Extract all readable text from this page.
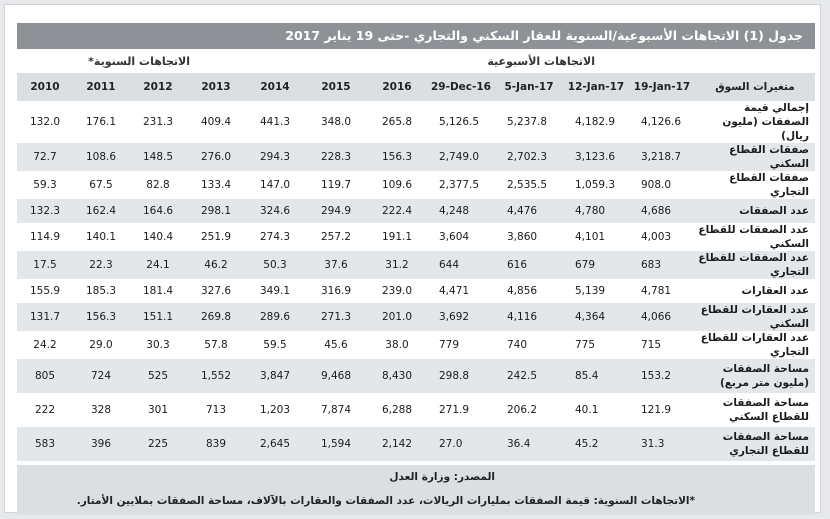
جدول (1) الاتجاهات الأسبوعية/السنوية للعقار السكني والتجاري -حتى 19 يناير 2017
الاتجاهات السنوية*	الاتجاهات الأسبوعية
2010	2011	2012	2013	2014	2015	2016	29-Dec-16	5-Jan-17	12-Jan-17	19-Jan-17	متغيرات السوق
132.0	176.1	231.3	409.4	441.3	348.0	265.8	5,126.5	5,237.8	4,182.9	4,126.6	إجمالي قيمة الصفقات (مليون ريال)
72.7	108.6	148.5	276.0	294.3	228.3	156.3	2,749.0	2,702.3	3,123.6	3,218.7	صفقات القطاع السكني
59.3	67.5	82.8	133.4	147.0	119.7	109.6	2,377.5	2,535.5	1,059.3	908.0	صفقات القطاع التجاري
132.3	162.4	164.6	298.1	324.6	294.9	222.4	4,248	4,476	4,780	4,686	عدد الصفقات
114.9	140.1	140.4	251.9	274.3	257.2	191.1	3,604	3,860	4,101	4,003	عدد الصفقات للقطاع السكني
17.5	22.3	24.1	46.2	50.3	37.6	31.2	644	616	679	683	عدد الصفقات للقطاع التجاري
155.9	185.3	181.4	327.6	349.1	316.9	239.0	4,471	4,856	5,139	4,781	عدد العقارات
131.7	156.3	151.1	269.8	289.6	271.3	201.0	3,692	4,116	4,364	4,066	عدد العقارات للقطاع السكني
24.2	29.0	30.3	57.8	59.5	45.6	38.0	779	740	775	715	عدد العقارات للقطاع التجاري
805	724	525	1,552	3,847	9,468	8,430	298.8	242.5	85.4	153.2	مساحة الصفقات (مليون متر مربع)
222	328	301	713	1,203	7,874	6,288	271.9	206.2	40.1	121.9	مساحة الصفقات للقطاع السكني
583	396	225	839	2,645	1,594	2,142	27.0	36.4	45.2	31.3	مساحة الصفقات للقطاع التجاري
المصدر: وزارة العدل
*الاتجاهات السنوية: قيمة الصفقات بمليارات الريالات، عدد الصفقات والعقارات بالآلاف، مساحة الصفقات بملايين الأمتار.
